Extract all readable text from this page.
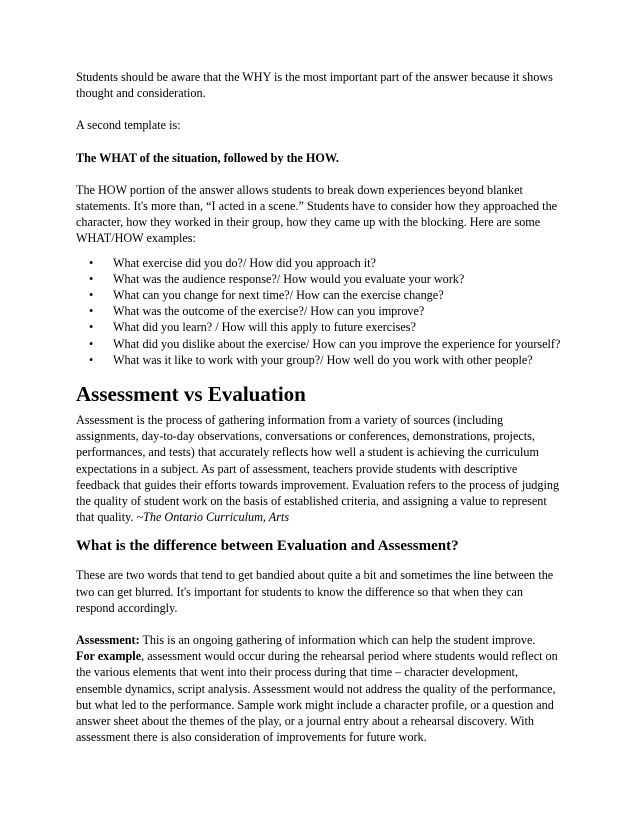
Students should be aware that the WHY is the most important part of the answer because it shows thought and consideration.

A second template is:

The WHAT of the situation, followed by the HOW.

The HOW portion of the answer allows students to break down experiences beyond blanket statements. It's more than, “I acted in a scene.” Students have to consider how they approached the character, how they worked in their group, how they came up with the blocking. Here are some WHAT/HOW examples:

• What exercise did you do?/ How did you approach it?
• What was the audience response?/ How would you evaluate your work?
• What can you change for next time?/ How can the exercise change?
• What was the outcome of the exercise?/ How can you improve?
• What did you learn? / How will this apply to future exercises?
• What did you dislike about the exercise/ How can you improve the experience for yourself?
• What was it like to work with your group?/ How well do you work with other people?
Assessment vs Evaluation

Assessment is the process of gathering information from a variety of sources (including assignments, day-to-day observations, conversations or conferences, demonstrations, projects, performances, and tests) that accurately reflects how well a student is achieving the curriculum expectations in a subject. As part of assessment, teachers provide students with descriptive feedback that guides their efforts towards improvement. Evaluation refers to the process of judging the quality of student work on the basis of established criteria, and assigning a value to represent that quality. ~The Ontario Curriculum, Arts

What is the difference between Evaluation and Assessment?

These are two words that tend to get bandied about quite a bit and sometimes the line between the two can get blurred. It's important for students to know the difference so that when they can respond accordingly.

Assessment: This is an ongoing gathering of information which can help the student improve.
For example, assessment would occur during the rehearsal period where students would reflect on the various elements that went into their process during that time – character development, ensemble dynamics, script analysis. Assessment would not address the quality of the performance, but what led to the performance. Sample work might include a character profile, or a question and answer sheet about the themes of the play, or a journal entry about a rehearsal discovery. With assessment there is also consideration of improvements for future work.
